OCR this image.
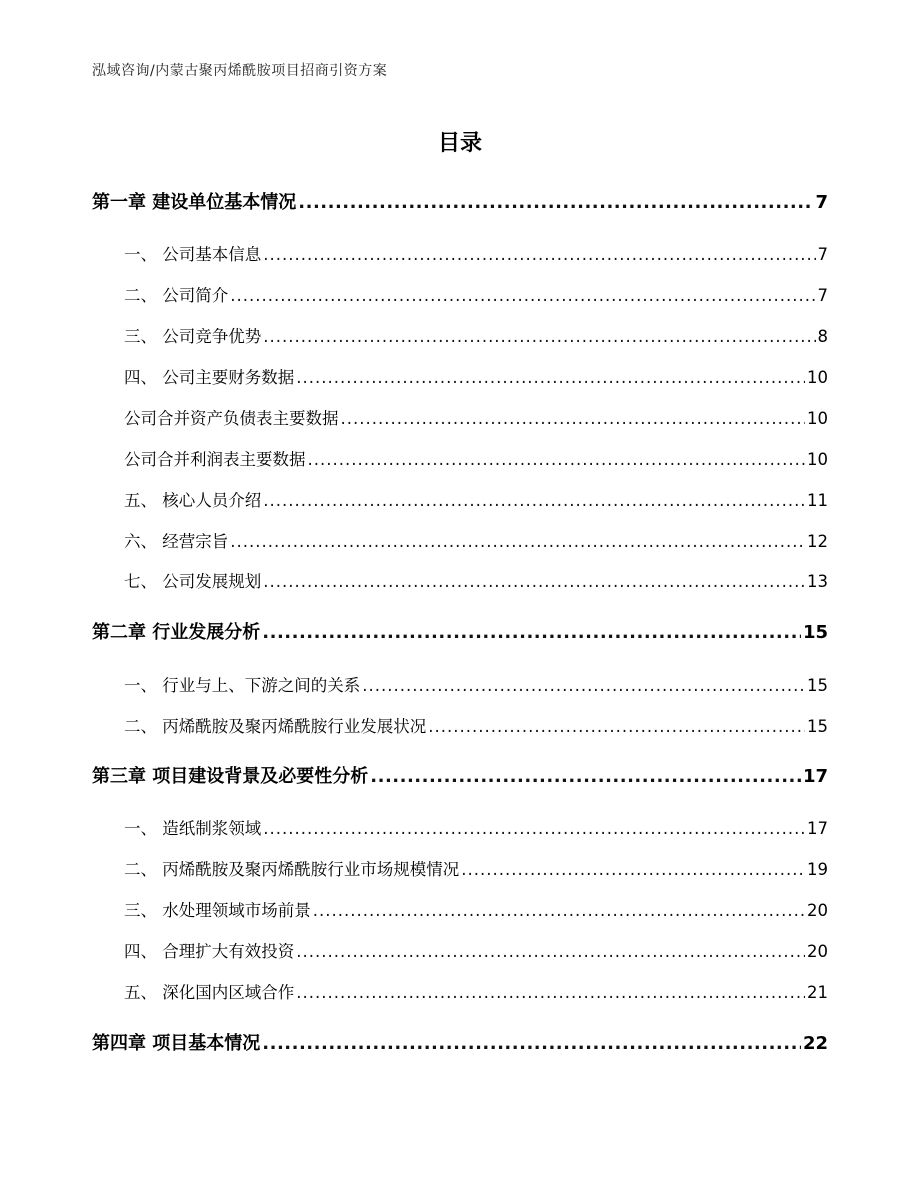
泓域咨询/内蒙古聚丙烯酰胺项目招商引资方案
目录
第一章 建设单位基本情况 .....	7
一、 公司基本信息 .....	7
二、 公司简介 .....	7
三、 公司竞争优势 .....	8
四、 公司主要财务数据 .....	10
公司合并资产负债表主要数据 .....	10
公司合并利润表主要数据 .....	10
五、 核心人员介绍 .....	11
六、 经营宗旨 .....	12
七、 公司发展规划 .....	13
第二章 行业发展分析 .....	15
一、 行业与上、下游之间的关系 .....	15
二、 丙烯酰胺及聚丙烯酰胺行业发展状况 .....	15
第三章 项目建设背景及必要性分析 .....	17
一、 造纸制浆领域 .....	17
二、 丙烯酰胺及聚丙烯酰胺行业市场规模情况 .....	19
三、 水处理领域市场前景 .....	20
四、 合理扩大有效投资 .....	20
五、 深化国内区域合作 .....	21
第四章 项目基本情况 .....	22
